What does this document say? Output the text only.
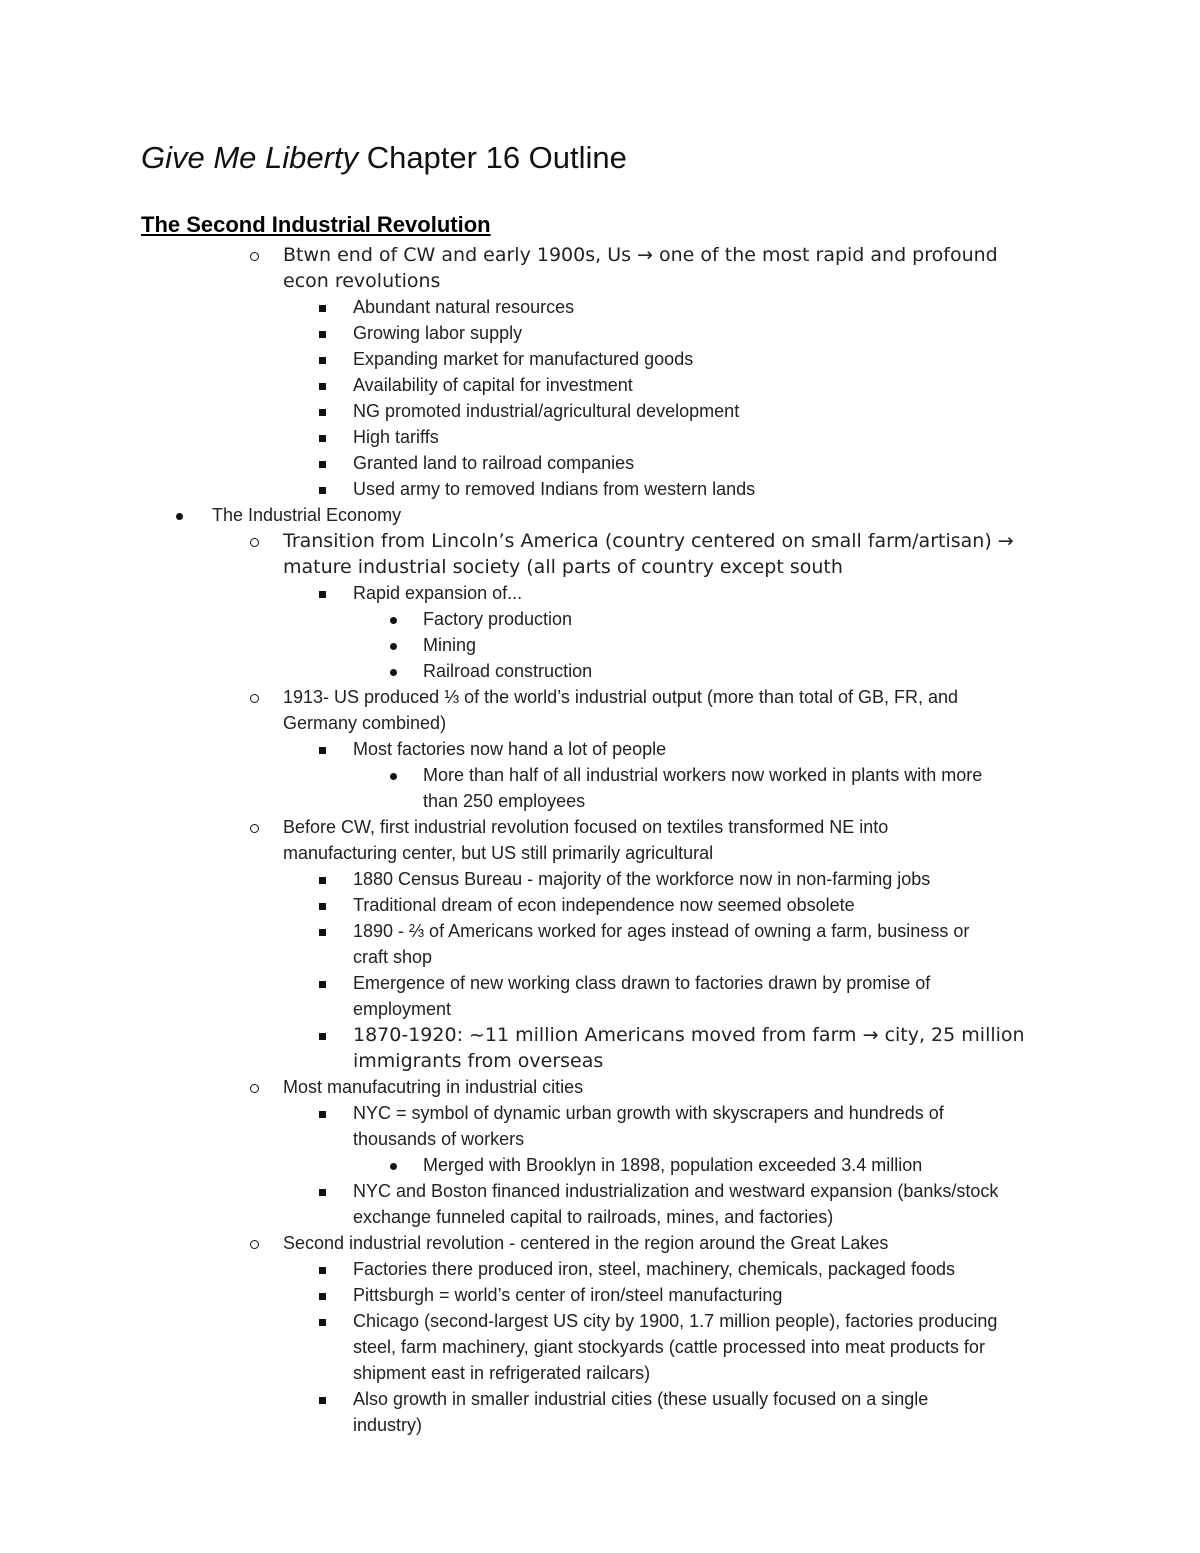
Give Me Liberty Chapter 16 Outline
The Second Industrial Revolution
Btwn end of CW and early 1900s, Us → one of the most rapid and profound
econ revolutions
Abundant natural resources
Growing labor supply
Expanding market for manufactured goods
Availability of capital for investment
NG promoted industrial/agricultural development
High tariffs
Granted land to railroad companies
Used army to removed Indians from western lands
The Industrial Economy
Transition from Lincoln’s America (country centered on small farm/artisan) →
mature industrial society (all parts of country except south
Rapid expansion of...
Factory production
Mining
Railroad construction
1913- US produced ⅓ of the world’s industrial output (more than total of GB, FR, and
Germany combined)
Most factories now hand a lot of people
More than half of all industrial workers now worked in plants with more
than 250 employees
Before CW, first industrial revolution focused on textiles transformed NE into
manufacturing center, but US still primarily agricultural
1880 Census Bureau - majority of the workforce now in non-farming jobs
Traditional dream of econ independence now seemed obsolete
1890 - ⅔ of Americans worked for ages instead of owning a farm, business or
craft shop
Emergence of new working class drawn to factories drawn by promise of
employment
1870-1920: ~11 million Americans moved from farm → city, 25 million
immigrants from overseas
Most manufacutring in industrial cities
NYC = symbol of dynamic urban growth with skyscrapers and hundreds of
thousands of workers
Merged with Brooklyn in 1898, population exceeded 3.4 million
NYC and Boston financed industrialization and westward expansion (banks/stock
exchange funneled capital to railroads, mines, and factories)
Second industrial revolution - centered in the region around the Great Lakes
Factories there produced iron, steel, machinery, chemicals, packaged foods
Pittsburgh = world’s center of iron/steel manufacturing
Chicago (second-largest US city by 1900, 1.7 million people), factories producing
steel, farm machinery, giant stockyards (cattle processed into meat products for
shipment east in refrigerated railcars)
Also growth in smaller industrial cities (these usually focused on a single
industry)
